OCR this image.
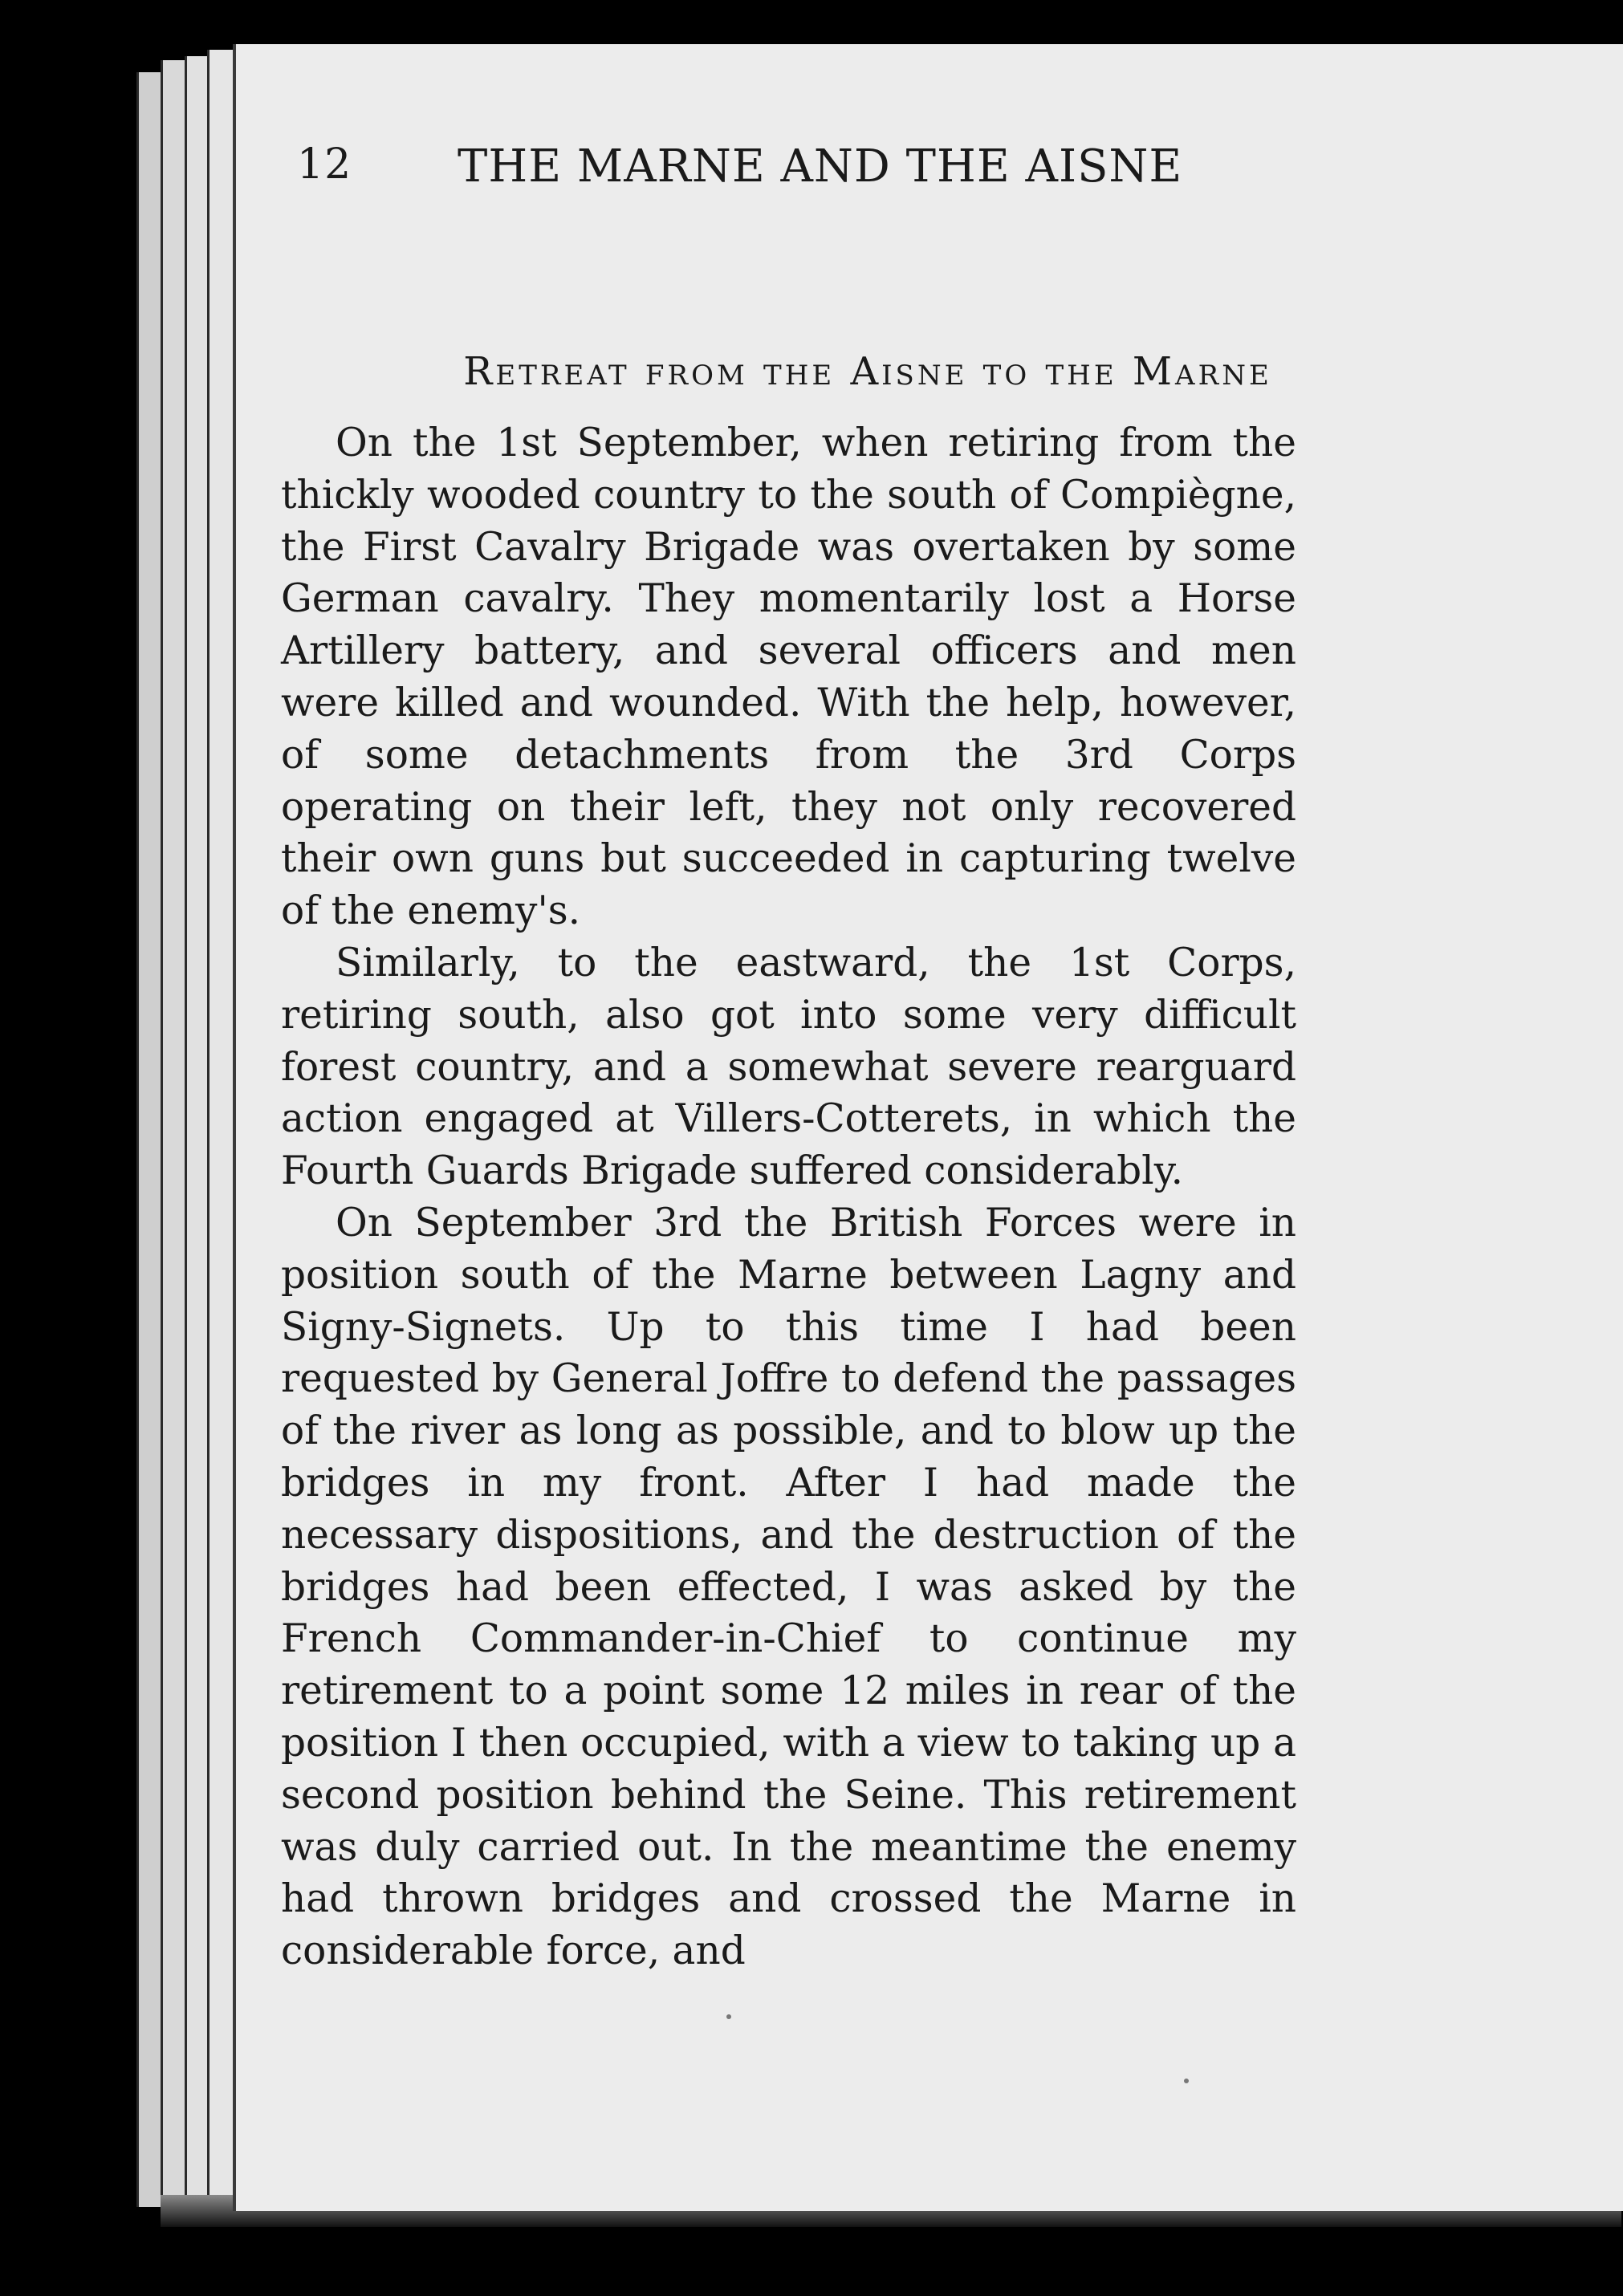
12 THE MARNE AND THE AISNE
Retreat from the Aisne to the Marne

On the 1st September, when retiring from the thickly wooded country to the south of Compiègne, the First Cavalry Brigade was overtaken by some German cavalry. They momentarily lost a Horse Artillery battery, and several officers and men were killed and wounded. With the help, however, of some detachments from the 3rd Corps operating on their left, they not only recovered their own guns but succeeded in capturing twelve of the enemy's.

Similarly, to the eastward, the 1st Corps, retiring south, also got into some very difficult forest country, and a somewhat severe rearguard action engaged at Villers-Cotterets, in which the Fourth Guards Brigade suffered considerably.

On September 3rd the British Forces were in position south of the Marne between Lagny and Signy-Signets. Up to this time I had been requested by General Joffre to defend the passages of the river as long as possible, and to blow up the bridges in my front. After I had made the necessary dispositions, and the destruction of the bridges had been effected, I was asked by the French Commander-in-Chief to continue my retirement to a point some 12 miles in rear of the position I then occupied, with a view to taking up a second position behind the Seine. This retirement was duly carried out. In the meantime the enemy had thrown bridges and crossed the Marne in considerable force, and
